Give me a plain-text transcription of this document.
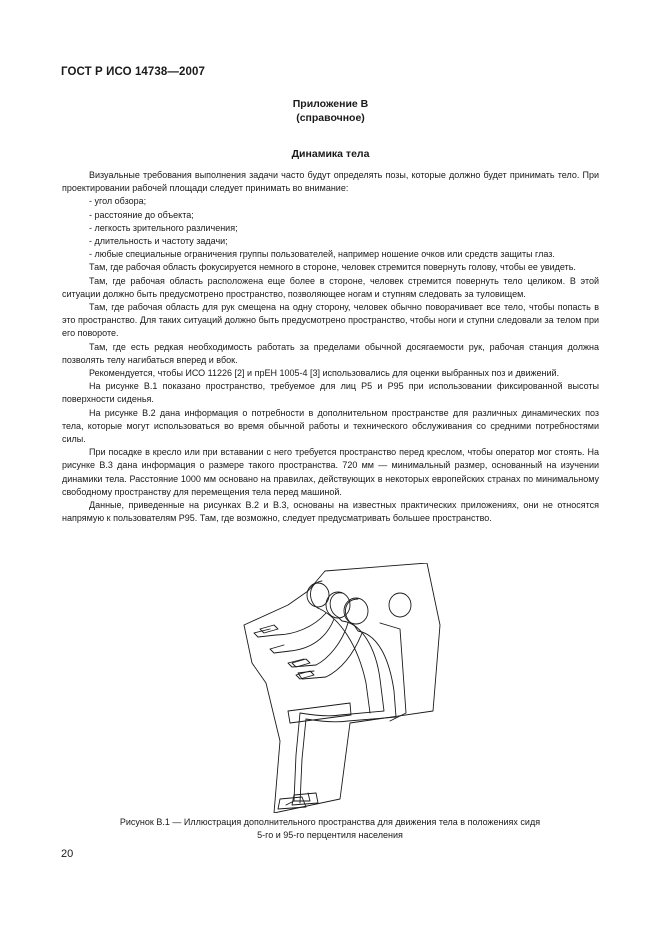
ГОСТ Р ИСО 14738—2007
Приложение В
(справочное)
Динамика тела

Визуальные требования выполнения задачи часто будут определять позы, которые должно будет принимать тело. При проектировании рабочей площади следует принимать во внимание:

- угол обзора;

- расстояние до объекта;

- легкость зрительного различения;

- длительность и частоту задачи;

- любые специальные ограничения группы пользователей, например ношение очков или средств защиты глаз.

Там, где рабочая область фокусируется немного в стороне, человек стремится повернуть голову, чтобы ее увидеть.

Там, где рабочая область расположена еще более в стороне, человек стремится повернуть тело целиком. В этой ситуации должно быть предусмотрено пространство, позволяющее ногам и ступням следовать за туловищем.

Там, где рабочая область для рук смещена на одну сторону, человек обычно поворачивает все тело, чтобы попасть в это пространство. Для таких ситуаций должно быть предусмотрено пространство, чтобы ноги и ступни следовали за телом при его повороте.

Там, где есть редкая необходимость работать за пределами обычной досягаемости рук, рабочая станция должна позволять телу нагибаться вперед и вбок.

Рекомендуется, чтобы ИСО 11226 [2] и прЕН 1005-4 [3] использовались для оценки выбранных поз и движений.

На рисунке В.1 показано пространство, требуемое для лиц Р5 и Р95 при использовании фиксированной высоты поверхности сиденья.

На рисунке В.2 дана информация о потребности в дополнительном пространстве для различных динамических поз тела, которые могут использоваться во время обычной работы и технического обслуживания со средними потребностями силы.

При посадке в кресло или при вставании с него требуется пространство перед креслом, чтобы оператор мог стоять. На рисунке В.3 дана информация о размере такого пространства. 720 мм — минимальный размер, основанный на изучении динамики тела. Расстояние 1000 мм основано на правилах, действующих в некоторых европейских странах по минимальному свободному пространству для перемещения тела перед машиной.

Данные, приведенные на рисунках В.2 и В.3, основаны на известных практических приложениях, они не относятся напрямую к пользователям Р95. Там, где возможно, следует предусматривать большее пространство.

Рисунок В.1 — Иллюстрация дополнительного пространства для движения тела в положениях сидя
5-го и 95-го перцентиля населения
20
